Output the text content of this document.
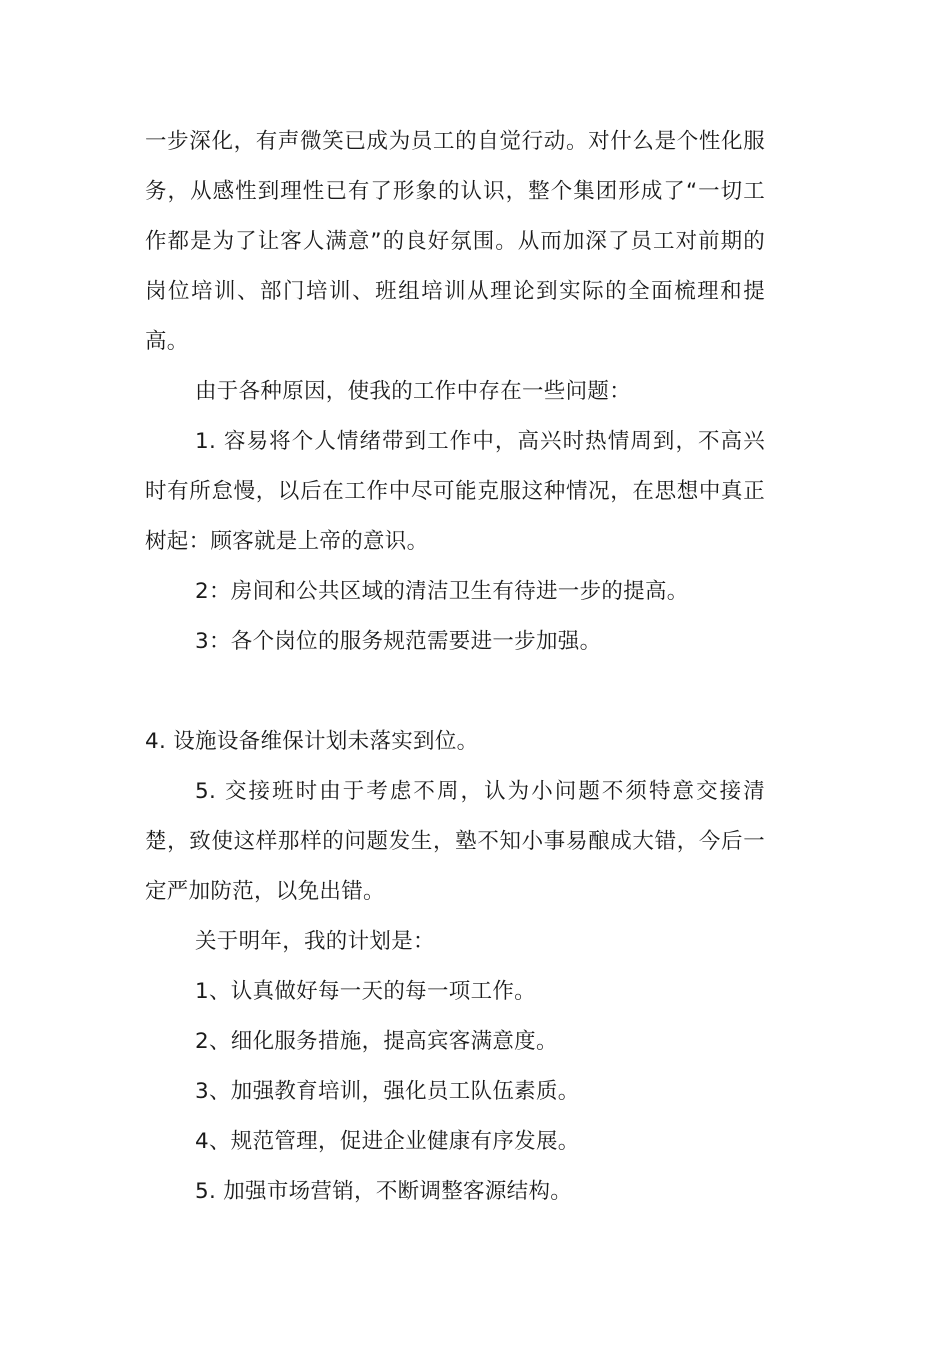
一步深化，有声微笑已成为员工的自觉行动。对什么是个性化服务，从感性到理性已有了形象的认识，整个集团形成了“一切工作都是为了让客人满意”的良好氛围。从而加深了员工对前期的岗位培训、部门培训、班组培训从理论到实际的全面梳理和提高。

由于各种原因，使我的工作中存在一些问题：

1. 容易将个人情绪带到工作中，高兴时热情周到，不高兴时有所怠慢，以后在工作中尽可能克服这种情况，在思想中真正树起：顾客就是上帝的意识。

2：房间和公共区域的清洁卫生有待进一步的提高。

3：各个岗位的服务规范需要进一步加强。

4. 设施设备维保计划未落实到位。

5. 交接班时由于考虑不周，认为小问题不须特意交接清楚，致使这样那样的问题发生，塾不知小事易酿成大错，今后一定严加防范，以免出错。

关于明年，我的计划是：

1、认真做好每一天的每一项工作。

2、细化服务措施，提高宾客满意度。

3、加强教育培训，强化员工队伍素质。

4、规范管理，促进企业健康有序发展。

5. 加强市场营销，不断调整客源结构。
